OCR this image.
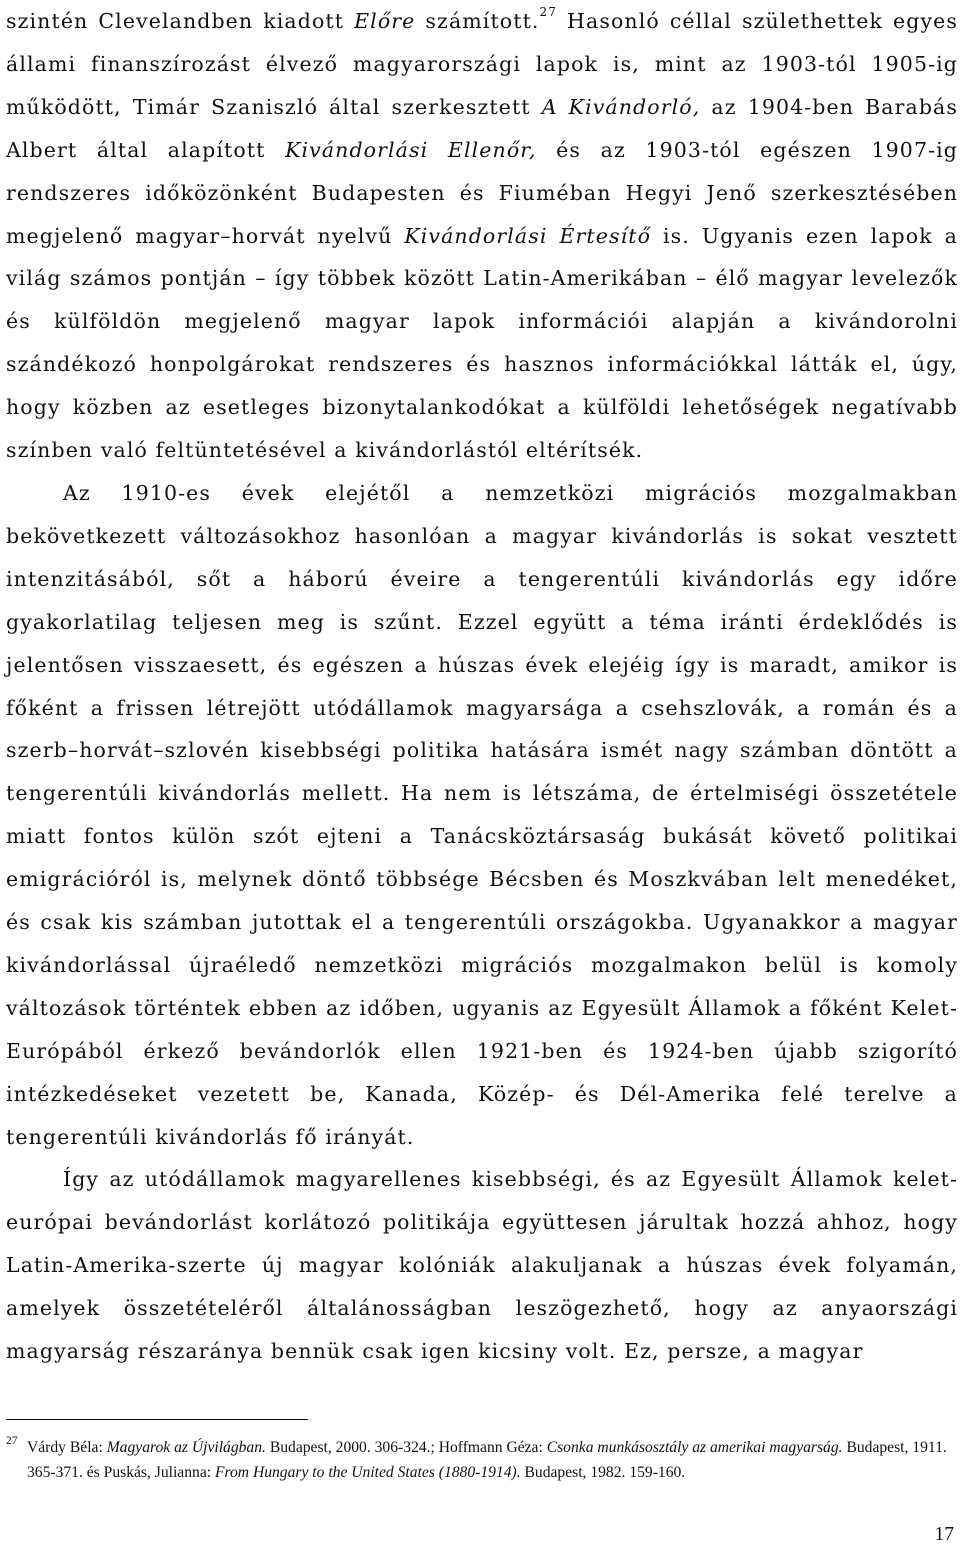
szintén Clevelandben kiadott Előre számított.$^{27}$ Hasonló céllal születhettek egyes állami finanszírozást élvező magyarországi lapok is, mint az 1903-tól 1905-ig működött, Timár Szaniszló által szerkesztett A Kivándorló, az 1904-ben Barabás Albert által alapított Kivándorlási Ellenőr, és az 1903-tól egészen 1907-ig rendszeres időközönként Budapesten és Fiuméban Hegyi Jenő szerkesztésében megjelenő magyar–horvát nyelvű Kivándorlási Értesítő is. Ugyanis ezen lapok a világ számos pontján – így többek között Latin-Amerikában – élő magyar levelezők és külföldön megjelenő magyar lapok információi alapján a kivándorolni szándékozó honpolgárokat rendszeres és hasznos információkkal látták el, úgy, hogy közben az esetleges bizonytalankodókat a külföldi lehetőségek negatívabb színben való feltüntetésével a kivándorlástól eltérítsék.

Az 1910-es évek elejétől a nemzetközi migrációs mozgalmakban bekövetkezett változásokhoz hasonlóan a magyar kivándorlás is sokat vesztett intenzitásából, sőt a háború éveire a tengerentúli kivándorlás egy időre gyakorlatilag teljesen meg is szűnt. Ezzel együtt a téma iránti érdeklődés is jelentősen visszaesett, és egészen a húszas évek elejéig így is maradt, amikor is főként a frissen létrejött utódállamok magyarsága a csehszlovák, a román és a szerb–horvát–szlovén kisebbségi politika hatására ismét nagy számban döntött a tengerentúli kivándorlás mellett. Ha nem is létszáma, de értelmiségi összetétele miatt fontos külön szót ejteni a Tanácsköztársaság bukását követő politikai emigrációról is, melynek döntő többsége Bécsben és Moszkvában lelt menedéket, és csak kis számban jutottak el a tengerentúli országokba. Ugyanakkor a magyar kivándorlással újraéledő nemzetközi migrációs mozgalmakon belül is komoly változások történtek ebben az időben, ugyanis az Egyesült Államok a főként Kelet-Európából érkező bevándorlók ellen 1921-ben és 1924-ben újabb szigorító intézkedéseket vezetett be, Kanada, Közép- és Dél-Amerika felé terelve a tengerentúli kivándorlás fő irányát.

Így az utódállamok magyarellenes kisebbségi, és az Egyesült Államok kelet-európai bevándorlást korlátozó politikája együttesen járultak hozzá ahhoz, hogy Latin-Amerika-szerte új magyar kolóniák alakuljanak a húszas évek folyamán, amelyek összetételéről általánosságban leszögezhető, hogy az anyaországi magyarság részaránya bennük csak igen kicsiny volt. Ez, persze, a magyar

27 Várdy Béla: Magyarok az Újvilágban. Budapest, 2000. 306-324.; Hoffmann Géza: Csonka munkásosztály az amerikai magyarság. Budapest, 1911. 365-371. és Puskás, Julianna: From Hungary to the United States (1880-1914). Budapest, 1982. 159-160.
17
